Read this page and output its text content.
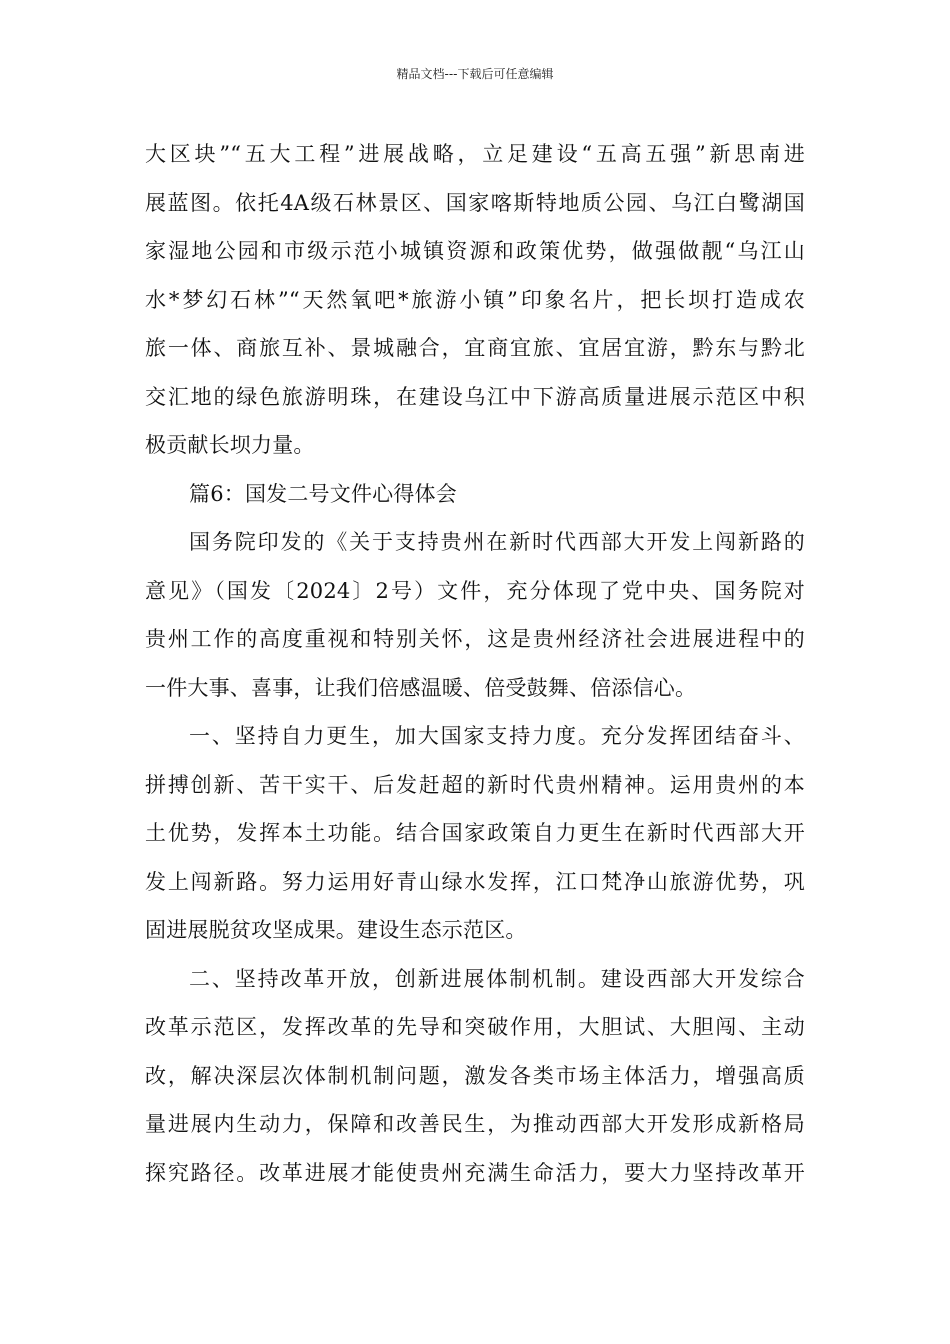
精品文档---下载后可任意编辑
大区块”“五大工程”进展战略，立足建设“五高五强”新思南进
展蓝图。依托4A级石林景区、国家喀斯特地质公园、乌江白鹭湖国
家湿地公园和市级示范小城镇资源和政策优势，做强做靓“乌江山
水*梦幻石林”“天然氧吧*旅游小镇”印象名片，把长坝打造成农
旅一体、商旅互补、景城融合，宜商宜旅、宜居宜游，黔东与黔北
交汇地的绿色旅游明珠，在建设乌江中下游高质量进展示范区中积
极贡献长坝力量。
篇6：国发二号文件心得体会
国务院印发的《关于支持贵州在新时代西部大开发上闯新路的
意见》（国发〔2024〕2号）文件，充分体现了党中央、国务院对
贵州工作的高度重视和特别关怀，这是贵州经济社会进展进程中的
一件大事、喜事，让我们倍感温暖、倍受鼓舞、倍添信心。
一、坚持自力更生，加大国家支持力度。充分发挥团结奋斗、
拼搏创新、苦干实干、后发赶超的新时代贵州精神。运用贵州的本
土优势，发挥本土功能。结合国家政策自力更生在新时代西部大开
发上闯新路。努力运用好青山绿水发挥，江口梵净山旅游优势，巩
固进展脱贫攻坚成果。建设生态示范区。
二、坚持改革开放，创新进展体制机制。建设西部大开发综合
改革示范区，发挥改革的先导和突破作用，大胆试、大胆闯、主动
改，解决深层次体制机制问题，激发各类市场主体活力，增强高质
量进展内生动力，保障和改善民生，为推动西部大开发形成新格局
探究路径。改革进展才能使贵州充满生命活力，要大力坚持改革开
